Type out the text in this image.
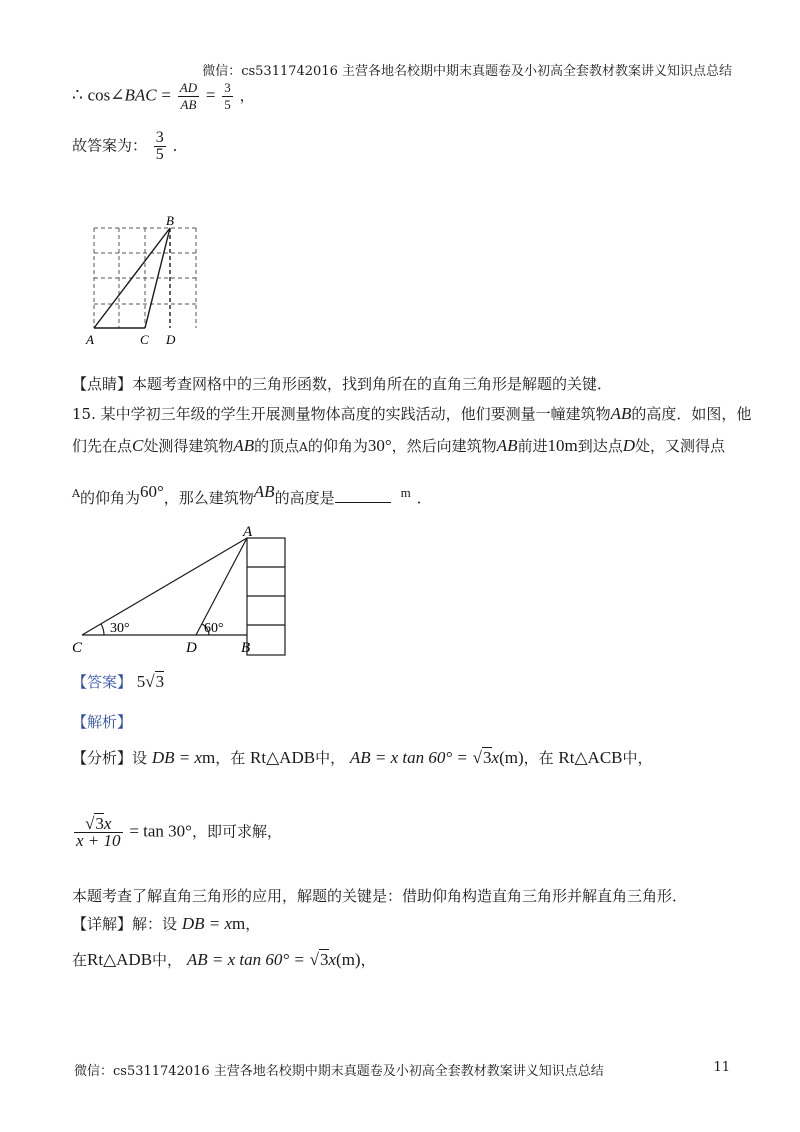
微信：cs5311742016 主营各地名校期中期末真题卷及小初高全套教材教案讲义知识点总结
∴ cos∠BAC = $\frac{AD}{AB} = \frac{3}{5}$ ，
故答案为： $\frac{3}{5}$ ．
B
A	C D
【点睛】本题考查网格中的三角形函数，找到角所在的直角三角形是解题的关键．
15. 某中学初三年级的学生开展测量物体高度的实践活动，他们要测量一幢建筑物AB的高度．如图，他
们先在点C处测得建筑物AB的顶点A的仰角为30°，然后向建筑物AB前进10m到达点D处，又测得点
$^A$的仰角为60°，那么建筑物AB的高度是	m ．
A
C	D	B
30°	60°
【答案】 5√3
【解析】
【分析】设 DB = xm，在 Rt△ADB中， AB = x tan 60° = √3x(m)，在 Rt△ACB中，
$\frac{√3x}{x + 10} = \tan 30^\circ$，即可求解，
本题考查了解直角三角形的应用，解题的关键是：借助仰角构造直角三角形并解直角三角形．
【详解】解：设 DB = xm，
在Rt△ADB中， AB = x tan 60° = √3x(m)，
微信：cs5311742016 主营各地名校期中期末真题卷及小初高全套教材教案讲义知识点总结	11
